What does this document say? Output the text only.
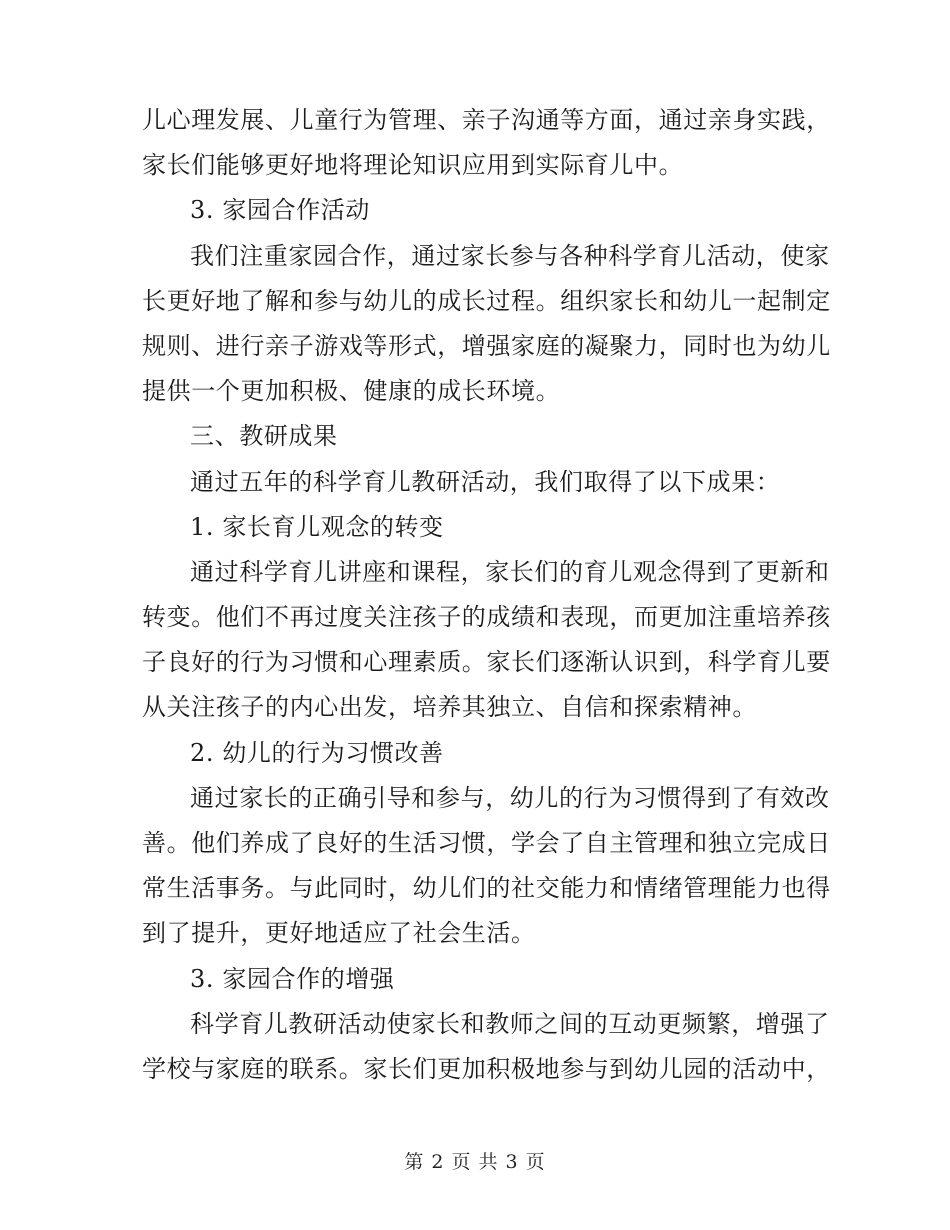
儿心理发展、儿童行为管理、亲子沟通等方面，通过亲身实践，
家长们能够更好地将理论知识应用到实际育儿中。
3. 家园合作活动
我们注重家园合作，通过家长参与各种科学育儿活动，使家
长更好地了解和参与幼儿的成长过程。组织家长和幼儿一起制定
规则、进行亲子游戏等形式，增强家庭的凝聚力，同时也为幼儿
提供一个更加积极、健康的成长环境。
三、教研成果
通过五年的科学育儿教研活动，我们取得了以下成果：
1. 家长育儿观念的转变
通过科学育儿讲座和课程，家长们的育儿观念得到了更新和
转变。他们不再过度关注孩子的成绩和表现，而更加注重培养孩
子良好的行为习惯和心理素质。家长们逐渐认识到，科学育儿要
从关注孩子的内心出发，培养其独立、自信和探索精神。
2. 幼儿的行为习惯改善
通过家长的正确引导和参与，幼儿的行为习惯得到了有效改
善。他们养成了良好的生活习惯，学会了自主管理和独立完成日
常生活事务。与此同时，幼儿们的社交能力和情绪管理能力也得
到了提升，更好地适应了社会生活。
3. 家园合作的增强
科学育儿教研活动使家长和教师之间的互动更频繁，增强了
学校与家庭的联系。家长们更加积极地参与到幼儿园的活动中，
第 2 页 共 3 页
